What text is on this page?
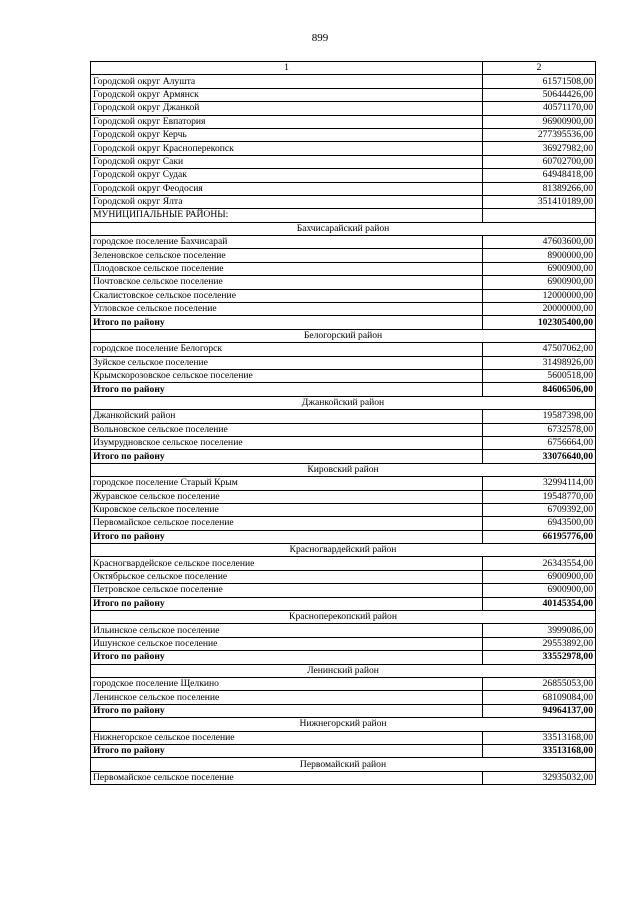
899
1	2
Городской округ Алушта	61571508,00
Городской округ Армянск	50644426,00
Городской округ Джанкой	40571170,00
Городской округ Евпатория	96900900,00
Городской округ Керчь	277395536,00
Городской округ Красноперекопск	36927982,00
Городской округ Саки	60702700,00
Городской округ Судак	64948418,00
Городской округ Феодосия	81389266,00
Городской округ Ялта	351410189,00
МУНИЦИПАЛЬНЫЕ РАЙОНЫ:	
Бахчисарайский район	
городское поселение Бахчисарай	47603600,00
Зеленовское сельское поселение	8900000,00
Плодовское сельское поселение	6900900,00
Почтовское сельское поселение	6900900,00
Скалистовское сельское поселение	12000000,00
Угловское сельское поселение	20000000,00
Итого по району	102305400,00
Белогорский район	
городское поселение Белогорск	47507062,00
Зуйское сельское поселение	31498926,00
Крымскорозовское сельское поселение	5600518,00
Итого по району	84606506,00
Джанкойский район	
Джанкойский район	19587398,00
Вольновское сельское поселение	6732578,00
Изумрудновское сельское поселение	6756664,00
Итого по району	33076640,00
Кировский район	
городское поселение Старый Крым	32994114,00
Журавское сельское поселение	19548770,00
Кировское сельское поселение	6709392,00
Первомайское сельское поселение	6943500,00
Итого по району	66195776,00
Красногвардейский район	
Красногвардейское сельское поселение	26343554,00
Октябрьское сельское поселение	6900900,00
Петровское сельское поселение	6900900,00
Итого по району	40145354,00
Красноперекопский район	
Ильинское сельское поселение	3999086,00
Ишунское сельское поселение	29553892,00
Итого по району	33552978,00
Ленинский район	
городское поселение Щелкино	26855053,00
Ленинское сельское поселение	68109084,00
Итого по району	94964137,00
Нижнегорский район	
Нижнегорское сельское поселение	33513168,00
Итого по району	33513168,00
Первомайский район	
Первомайское сельское поселение	32935032,00
